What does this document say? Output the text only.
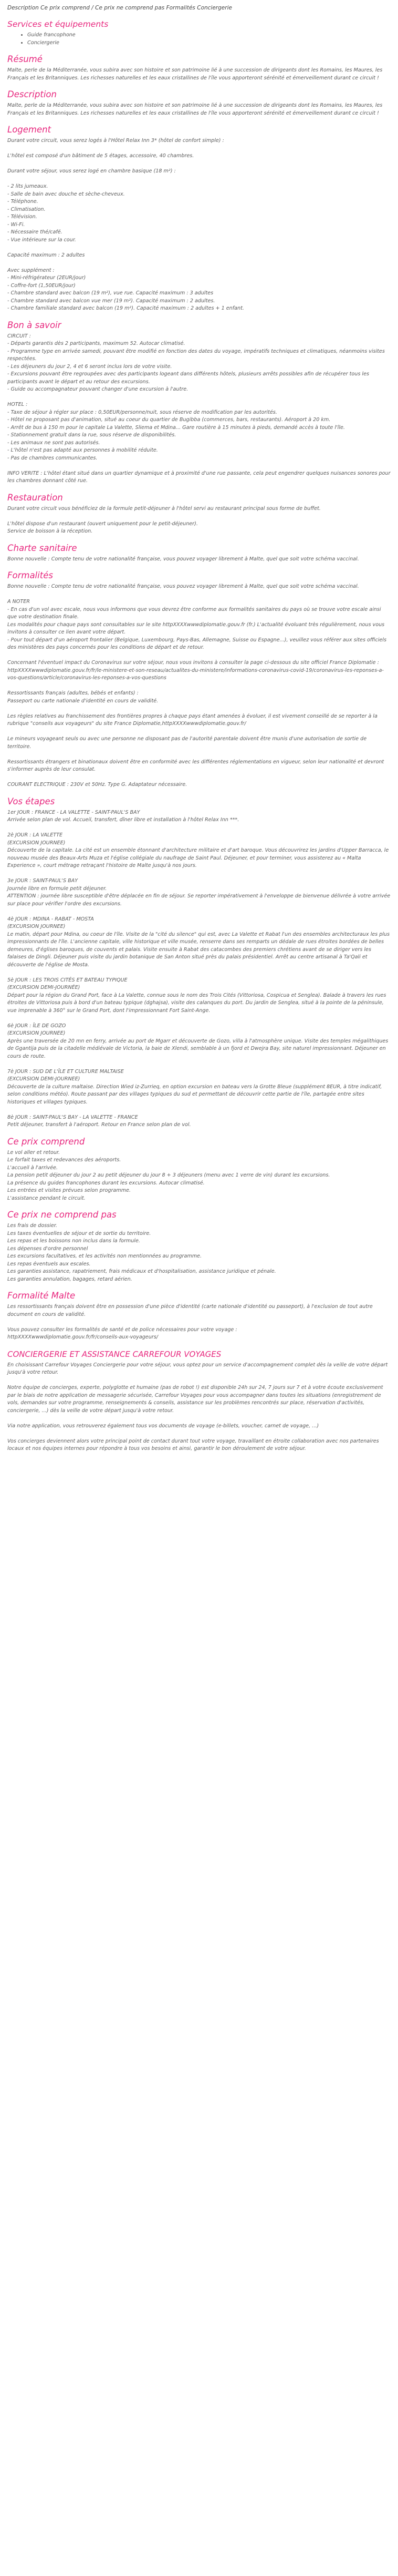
Description Ce prix comprend / Ce prix ne comprend pas Formalités Conciergerie

Services et équipements
• Guide francophone
• Conciergerie
Résumé

Malte, perle de la Méditerranée, vous subira avec son histoire et son patrimoine lié à une succession de dirigeants dont les Romains, les Maures, les Français et les Britanniques. Les richesses naturelles et les eaux cristallines de l'île vous apporteront sérénité et émerveillement durant ce circuit !

Description

Malte, perle de la Méditerranée, vous subira avec son histoire et son patrimoine lié à une succession de dirigeants dont les Romains, les Maures, les Français et les Britanniques. Les richesses naturelles et les eaux cristallines de l'île vous apporteront sérénité et émerveillement durant ce circuit !

Logement

Durant votre circuit, vous serez logés à l'Hôtel Relax Inn 3* (hôtel de confort simple) :

L'hôtel est composé d'un bâtiment de 5 étages, accessoire, 40 chambres.

Durant votre séjour, vous serez logé en chambre basique (18 m²) :

- 2 lits jumeaux.
- Salle de bain avec douche et sèche-cheveux.
- Téléphone.
- Climatisation.
- Télévision.
- Wi-Fi.
- Nécessaire thé/café.
- Vue intérieure sur la cour.

Capacité maximum : 2 adultes

Avec supplément :
- Mini-réfrigérateur (2EUR/jour)
- Coffre-fort (1,50EUR/jour)
- Chambre standard avec balcon (19 m²), vue rue. Capacité maximum : 3 adultes
- Chambre standard avec balcon vue mer (19 m²). Capacité maximum : 2 adultes.
- Chambre familiale standard avec balcon (19 m²). Capacité maximum : 2 adultes + 1 enfant.

Bon à savoir

CIRCUIT :
- Départs garantis dès 2 participants, maximum 52. Autocar climatisé.
- Programme type en arrivée samedi, pouvant être modifié en fonction des dates du voyage, impératifs techniques et climatiques, néanmoins visites respectées.
- Les déjeuners du jour 2, 4 et 6 seront inclus lors de votre visite.
- Excursions pouvant être regroupées avec des participants logeant dans différents hôtels, plusieurs arrêts possibles afin de récupérer tous les participants avant le départ et au retour des excursions.
- Guide ou accompagnateur pouvant changer d'une excursion à l'autre.

HOTEL :
- Taxe de séjour à régler sur place : 0,50EUR/personne/nuit, sous réserve de modification par les autorités.
- Hôtel ne proposant pas d'animation, situé au coeur du quartier de Bugibba (commerces, bars, restaurants). Aéroport à 20 km.
- Arrêt de bus à 150 m pour le capitale La Valette, Sliema et Mdina... Gare routière à 15 minutes à pieds, demandé accès à toute l'île.
- Stationnement gratuit dans la rue, sous réserve de disponibilités.
- Les animaux ne sont pas autorisés.
- L'hôtel n'est pas adapté aux personnes à mobilité réduite.
- Pas de chambres communicantes.

INFO VERITE : L'hôtel étant situé dans un quartier dynamique et à proximité d'une rue passante, cela peut engendrer quelques nuisances sonores pour les chambres donnant côté rue.

Restauration

Durant votre circuit vous bénéficiez de la formule petit-déjeuner à l'hôtel servi au restaurant principal sous forme de buffet.

L'hôtel dispose d'un restaurant (ouvert uniquement pour le petit-déjeuner).
Service de boisson à la réception.

Charte sanitaire

Bonne nouvelle : Compte tenu de votre nationalité française, vous pouvez voyager librement à Malte, quel que soit votre schéma vaccinal.

Formalités

Bonne nouvelle : Compte tenu de votre nationalité française, vous pouvez voyager librement à Malte, quel que soit votre schéma vaccinal.

A NOTER
- En cas d'un vol avec escale, nous vous informons que vous devrez être conforme aux formalités sanitaires du pays où se trouve votre escale ainsi que votre destination finale.
Les modalités pour chaque pays sont consultables sur le site httpXXXXwwwdiplomatie.gouv.fr (fr.) L'actualité évoluant très régulièrement, nous vous invitons à consulter ce lien avant votre départ.
- Pour tout départ d'un aéroport frontalier (Belgique, Luxembourg, Pays-Bas, Allemagne, Suisse ou Espagne...), veuillez vous référer aux sites officiels des ministères des pays concernés pour les conditions de départ et de retour.

Concernant l'éventuel impact du Coronavirus sur votre séjour, nous vous invitons à consulter la page ci-dessous du site officiel France Diplomatie :
httpXXXXwwwdiplomatie.gouv.fr/fr/le-ministere-et-son-reseau/actualites-du-ministere/informations-coronavirus-covid-19/coronavirus-les-reponses-a-vos-questions/article/coronavirus-les-reponses-a-vos-questions

Ressortissants français (adultes, bébés et enfants) :
Passeport ou carte nationale d'identité en cours de validité.

Les règles relatives au franchissement des frontières propres à chaque pays étant amenées à évoluer, il est vivement conseillé de se reporter à la rubrique "conseils aux voyageurs" du site France Diplomatie,httpXXXXwwwdiplomatie.gouv.fr/

Le mineurs voyageant seuls ou avec une personne ne disposant pas de l'autorité parentale doivent être munis d'une autorisation de sortie de territoire.

Ressortissants étrangers et binationaux doivent être en conformité avec les différentes réglementations en vigueur, selon leur nationalité et devront s'informer auprès de leur consulat.

COURANT ELECTRIQUE : 230V et 50Hz. Type G. Adaptateur nécessaire.

Vos étapes

1er JOUR : FRANCE - LA VALETTE - SAINT-PAUL'S BAY
Arrivée selon plan de vol. Accueil, transfert, dîner libre et installation à l'hôtel Relax Inn ***.

2è JOUR : LA VALETTE
(EXCURSION JOURNEE)
Découverte de la capitale. La cité est un ensemble étonnant d'architecture militaire et d'art baroque. Vous découvrirez les jardins d'Upper Barracca, le nouveau musée des Beaux-Arts Muza et l'église collégiale du naufrage de Saint Paul. Déjeuner, et pour terminer, vous assisterez au « Malta Experience », court métrage retraçant l'histoire de Malte jusqu'à nos jours.

3e JOUR : SAINT-PAUL'S BAY
Journée libre en formule petit déjeuner.
ATTENTION : journée libre susceptible d'être déplacée en fin de séjour. Se reporter impérativement à l'enveloppe de bienvenue délivrée à votre arrivée sur place pour vérifier l'ordre des excursions.

4è JOUR : MDINA - RABAT - MOSTA
(EXCURSION JOURNEE)
Le matin, départ pour Mdina, ou coeur de l'île. Visite de la "cité du silence" qui est, avec La Valette et Rabat l'un des ensembles architecturaux les plus impressionnants de l'île. L'ancienne capitale, ville historique et ville musée, renserre dans ses remparts un dédale de rues étroites bordées de belles demeures, d'églises baroques, de couvents et palais. Visite ensuite à Rabat des catacombes des premiers chrétiens avant de se diriger vers les falaises de Dingli. Déjeuner puis visite du jardin botanique de San Anton situé près du palais présidentiel. Arrêt au centre artisanal à Ta'Qali et découverte de l'église de Mosta.

5è JOUR : LES TROIS CITÉS ET BATEAU TYPIQUE
(EXCURSION DEMI-JOURNÉE)
Départ pour la région du Grand Port, face à La Valette, connue sous le nom des Trois Cités (Vittoriosa, Cospicua et Senglea). Balade à travers les rues étroites de Vittoriosa puis à bord d'un bateau typique (dghajsa), visite des calanques du port. Du jardin de Senglea, situé à la pointe de la péninsule, vue imprenable à 360° sur le Grand Port, dont l'impressionnant Fort Saint-Ange.

6è JOUR : ÎLE DE GOZO
(EXCURSION JOURNEE)
Après une traversée de 20 mn en ferry, arrivée au port de Mgarr et découverte de Gozo, villa à l'atmosphère unique. Visite des temples mégalithiques de Ggantija puis de la citadelle médiévale de Victoria, la baie de Xlendi, semblable à un fjord et Dwejra Bay, site naturel impressionnant. Déjeuner en cours de route.

7è JOUR : SUD DE L'ÎLE ET CULTURE MALTAISE
(EXCURSION DEMI-JOURNEE)
Découverte de la culture maltaise. Direction Wied iz-Zurrieq, en option excursion en bateau vers la Grotte Bleue (supplément 8EUR, à titre indicatif, selon conditions météo). Route passant par des villages typiques du sud et permettant de découvrir cette partie de l'île, partagée entre sites historiques et villages typiques.

8è JOUR : SAINT-PAUL'S BAY - LA VALETTE - FRANCE
Petit déjeuner, transfert à l'aéroport. Retour en France selon plan de vol.

Ce prix comprend

Le vol aller et retour.
Le forfait taxes et redevances des aéroports.
L'accueil à l'arrivée.
La pension petit déjeuner du jour 2 au petit déjeuner du jour 8 + 3 déjeuners (menu avec 1 verre de vin) durant les excursions.
La présence du guides francophones durant les excursions. Autocar climatisé.
Les entrées et visites prévues selon programme.
L'assistance pendant le circuit.

Ce prix ne comprend pas

Les frais de dossier.
Les taxes éventuelles de séjour et de sortie du territoire.
Les repas et les boissons non inclus dans la formule.
Les dépenses d'ordre personnel
Les excursions facultatives, et les activités non mentionnées au programme.
Les repas éventuels aux escales.
Les garanties assistance, rapatriement, frais médicaux et d'hospitalisation, assistance juridique et pénale.
Les garanties annulation, bagages, retard aérien.

Formalité Malte

Les ressortissants français doivent être en possession d'une pièce d'identité (carte nationale d'identité ou passeport), à l'exclusion de tout autre document en cours de validité.

Vous pouvez consulter les formalités de santé et de police nécessaires pour votre voyage :
httpXXXXwwwdiplomatie.gouv.fr/fr/conseils-aux-voyageurs/

CONCIERGERIE ET ASSISTANCE CARREFOUR VOYAGES

En choisissant Carrefour Voyages Conciergerie pour votre séjour, vous optez pour un service d'accompagnement complet dès la veille de votre départ jusqu'à votre retour.

Notre équipe de concierges, experte, polyglotte et humaine (pas de robot !) est disponible 24h sur 24, 7 jours sur 7 et à votre écoute exclusivement par le biais de notre application de messagerie sécurisée, Carrefour Voyages pour vous accompagner dans toutes les situations (enregistrement de vols, demandes sur votre programme, renseignements & conseils, assistance sur les problèmes rencontrés sur place, réservation d'activités, conciergerie, ...) dès la veille de votre départ jusqu'à votre retour.

Via notre application, vous retrouverez également tous vos documents de voyage (e-billets, voucher, carnet de voyage, ...)

Vos concierges deviennent alors votre principal point de contact durant tout votre voyage, travaillant en étroite collaboration avec nos partenaires locaux et nos équipes internes pour répondre à tous vos besoins et ainsi, garantir le bon déroulement de votre séjour.
